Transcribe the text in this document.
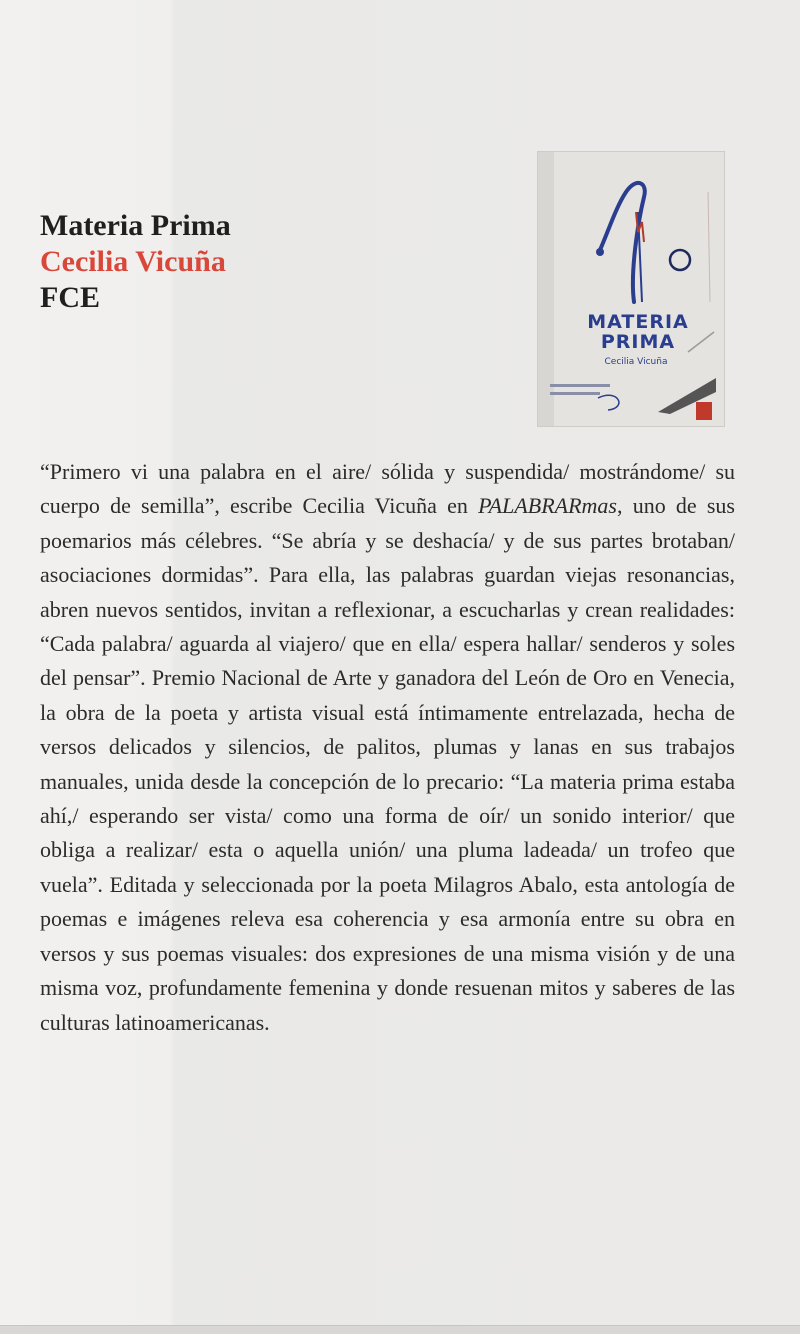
Materia Prima

Cecilia Vicuña

FCE

MATERIA
PRIMA
Cecilia Vicuña

“Primero vi una palabra en el aire/ sólida y suspendida/ mostrándome/ su cuerpo de semilla”, escribe Cecilia Vicuña en PALABRARmas, uno de sus poemarios más célebres. “Se abría y se deshacía/ y de sus partes brotaban/ asociaciones dormidas”. Para ella, las palabras guardan viejas resonancias, abren nuevos sentidos, invitan a reflexionar, a escucharlas y crean realidades: “Cada palabra/ aguarda al viajero/ que en ella/ espera hallar/ senderos y soles del pensar”. Premio Nacional de Arte y ganadora del León de Oro en Venecia, la obra de la poeta y artista visual está íntimamente entrelazada, hecha de versos delicados y silencios, de palitos, plumas y lanas en sus trabajos manuales, unida desde la concepción de lo precario: “La materia prima estaba ahí,/ esperando ser vista/ como una forma de oír/ un sonido interior/ que obliga a realizar/ esta o aquella unión/ una pluma ladeada/ un trofeo que vuela”. Editada y seleccionada por la poeta Milagros Abalo, esta antología de poemas e imágenes releva esa coherencia y esa armonía entre su obra en versos y sus poemas visuales: dos expresiones de una misma visión y de una misma voz, profundamente femenina y donde resuenan mitos y saberes de las culturas latinoamericanas.
